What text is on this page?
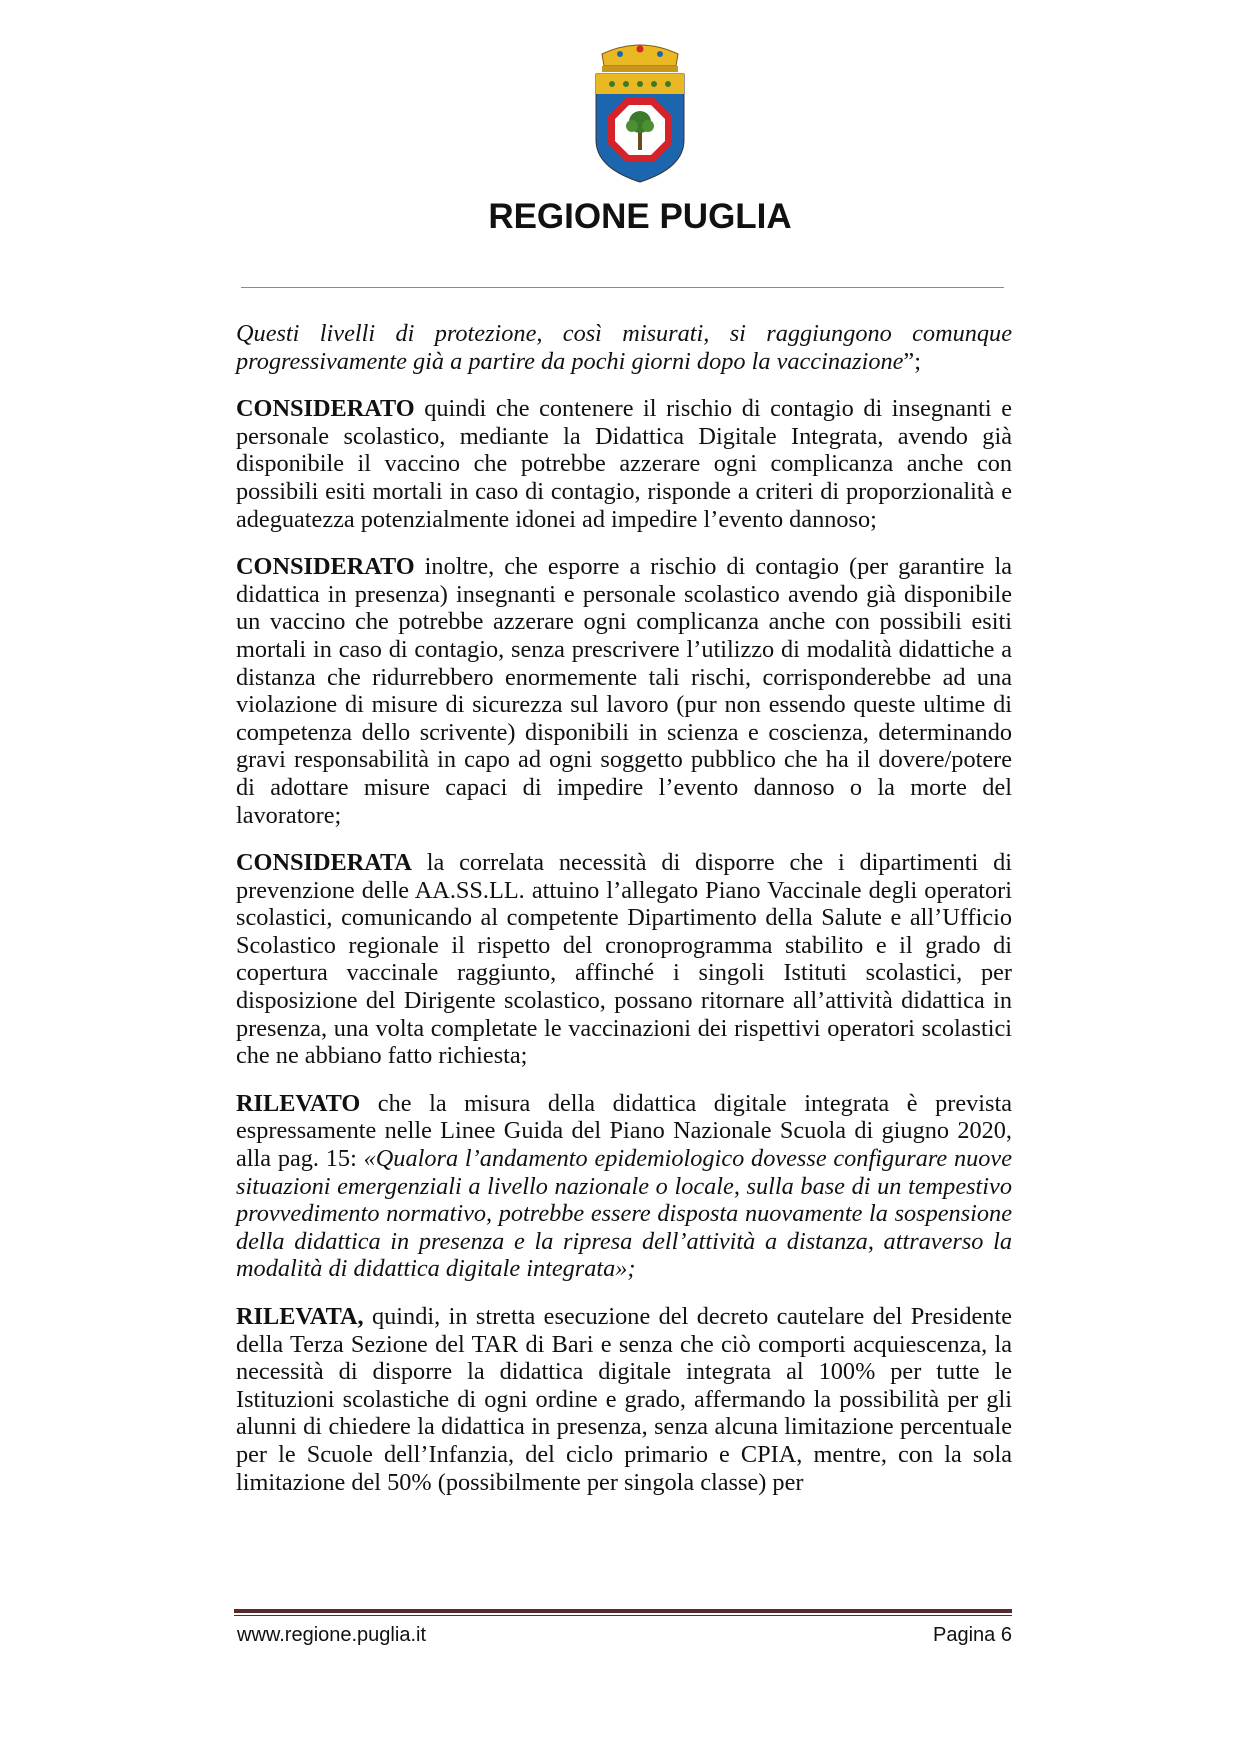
REGIONE PUGLIA

Questi livelli di protezione, così misurati, si raggiungono comunque progressivamente già a partire da pochi giorni dopo la vaccinazione”;

CONSIDERATO quindi che contenere il rischio di contagio di insegnanti e personale scolastico, mediante la Didattica Digitale Integrata, avendo già disponibile il vaccino che potrebbe azzerare ogni complicanza anche con possibili esiti mortali in caso di contagio, risponde a criteri di proporzionalità e adeguatezza potenzialmente idonei ad impedire l’evento dannoso;

CONSIDERATO inoltre, che esporre a rischio di contagio (per garantire la didattica in presenza) insegnanti e personale scolastico avendo già disponibile un vaccino che potrebbe azzerare ogni complicanza anche con possibili esiti mortali in caso di contagio, senza prescrivere l’utilizzo di modalità didattiche a distanza che ridurrebbero enormemente tali rischi, corrisponderebbe ad una violazione di misure di sicurezza sul lavoro (pur non essendo queste ultime di competenza dello scrivente) disponibili in scienza e coscienza, determinando gravi responsabilità in capo ad ogni soggetto pubblico che ha il dovere/potere di adottare misure capaci di impedire l’evento dannoso o la morte del lavoratore;

CONSIDERATA la correlata necessità di disporre che i dipartimenti di prevenzione delle AA.SS.LL. attuino l’allegato Piano Vaccinale degli operatori scolastici, comunicando al competente Dipartimento della Salute e all’Ufficio Scolastico regionale il rispetto del cronoprogramma stabilito e il grado di copertura vaccinale raggiunto, affinché i singoli Istituti scolastici, per disposizione del Dirigente scolastico, possano ritornare all’attività didattica in presenza, una volta completate le vaccinazioni dei rispettivi operatori scolastici che ne abbiano fatto richiesta;

RILEVATO che la misura della didattica digitale integrata è prevista espressamente nelle Linee Guida del Piano Nazionale Scuola di giugno 2020, alla pag. 15: «Qualora l’andamento epidemiologico dovesse configurare nuove situazioni emergenziali a livello nazionale o locale, sulla base di un tempestivo provvedimento normativo, potrebbe essere disposta nuovamente la sospensione della didattica in presenza e la ripresa dell’attività a distanza, attraverso la modalità di didattica digitale integrata»;

RILEVATA, quindi, in stretta esecuzione del decreto cautelare del Presidente della Terza Sezione del TAR di Bari e senza che ciò comporti acquiescenza, la necessità di disporre la didattica digitale integrata al 100% per tutte le Istituzioni scolastiche di ogni ordine e grado, affermando la possibilità per gli alunni di chiedere la didattica in presenza, senza alcuna limitazione percentuale per le Scuole dell’Infanzia, del ciclo primario e CPIA, mentre, con la sola limitazione del 50% (possibilmente per singola classe) per

www.regione.puglia.it	Pagina 6
